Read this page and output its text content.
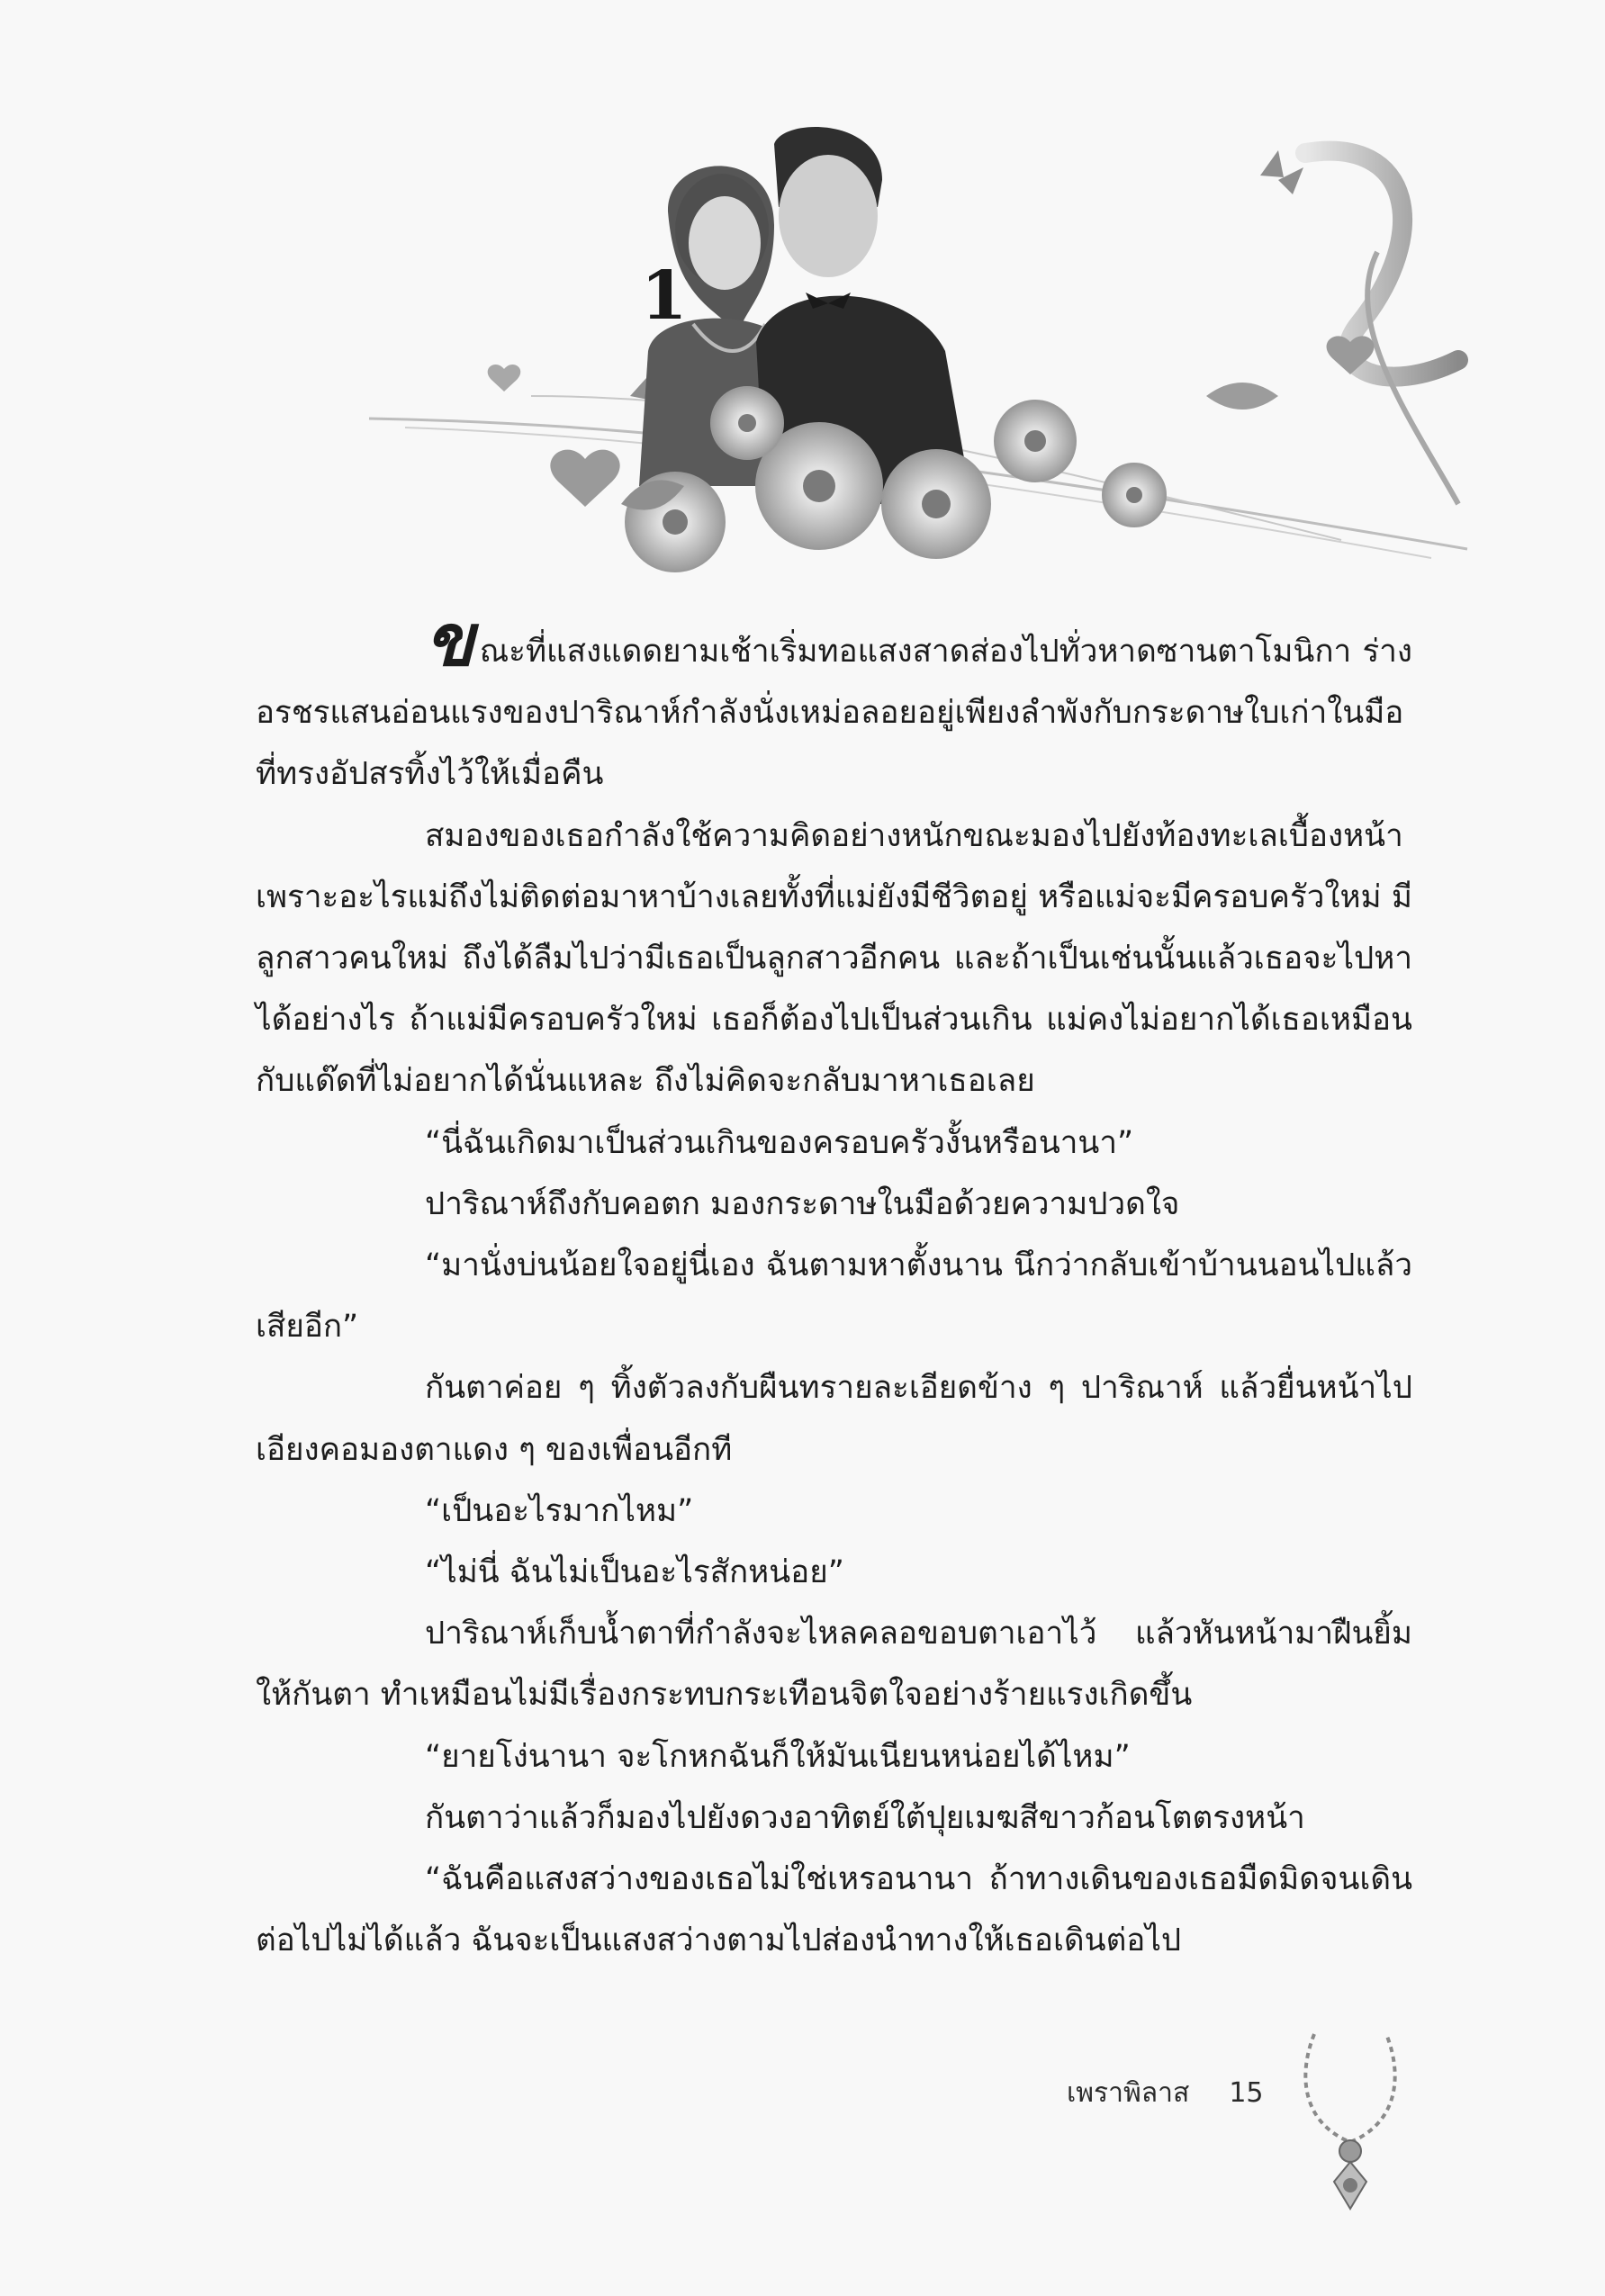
1

ขณะที่แสงแดดยามเช้าเริ่มทอแสงสาดส่องไปทั่วหาดซานตาโมนิกา ร่างอรชรแสนอ่อนแรงของปาริณาห์กำลังนั่งเหม่อลอยอยู่เพียงลำพังกับกระดาษใบเก่าในมือที่ทรงอัปสรทิ้งไว้ให้เมื่อคืน

สมองของเธอกำลังใช้ความคิดอย่างหนักขณะมองไปยังท้องทะเลเบื้องหน้า เพราะอะไรแม่ถึงไม่ติดต่อมาหาบ้างเลยทั้งที่แม่ยังมีชีวิตอยู่ หรือแม่จะมีครอบครัวใหม่ มีลูกสาวคนใหม่ ถึงได้ลืมไปว่ามีเธอเป็นลูกสาวอีกคน และถ้าเป็นเช่นนั้นแล้วเธอจะไปหาได้อย่างไร ถ้าแม่มีครอบครัวใหม่ เธอก็ต้องไปเป็นส่วนเกิน แม่คงไม่อยากได้เธอเหมือนกับแด๊ดที่ไม่อยากได้นั่นแหละ ถึงไม่คิดจะกลับมาหาเธอเลย

“นี่ฉันเกิดมาเป็นส่วนเกินของครอบครัวงั้นหรือนานา”

ปาริณาห์ถึงกับคอตก มองกระดาษในมือด้วยความปวดใจ

“มานั่งบ่นน้อยใจอยู่นี่เอง ฉันตามหาตั้งนาน นึกว่ากลับเข้าบ้านนอนไปแล้วเสียอีก”

กันตาค่อย ๆ ทิ้งตัวลงกับผืนทรายละเอียดข้าง ๆ ปาริณาห์ แล้วยื่นหน้าไปเอียงคอมองตาแดง ๆ ของเพื่อนอีกที

“เป็นอะไรมากไหม”

“ไม่นี่ ฉันไม่เป็นอะไรสักหน่อย”

ปาริณาห์เก็บน้ำตาที่กำลังจะไหลคลอขอบตาเอาไว้ แล้วหันหน้ามาฝืนยิ้มให้กันตา ทำเหมือนไม่มีเรื่องกระทบกระเทือนจิตใจอย่างร้ายแรงเกิดขึ้น

“ยายโง่นานา จะโกหกฉันก็ให้มันเนียนหน่อยได้ไหม”

กันตาว่าแล้วก็มองไปยังดวงอาทิตย์ใต้ปุยเมฆสีขาวก้อนโตตรงหน้า

“ฉันคือแสงสว่างของเธอไม่ใช่เหรอนานา ถ้าทางเดินของเธอมืดมิดจนเดินต่อไปไม่ได้แล้ว ฉันจะเป็นแสงสว่างตามไปส่องนำทางให้เธอเดินต่อไป

เพราพิลาส 15
